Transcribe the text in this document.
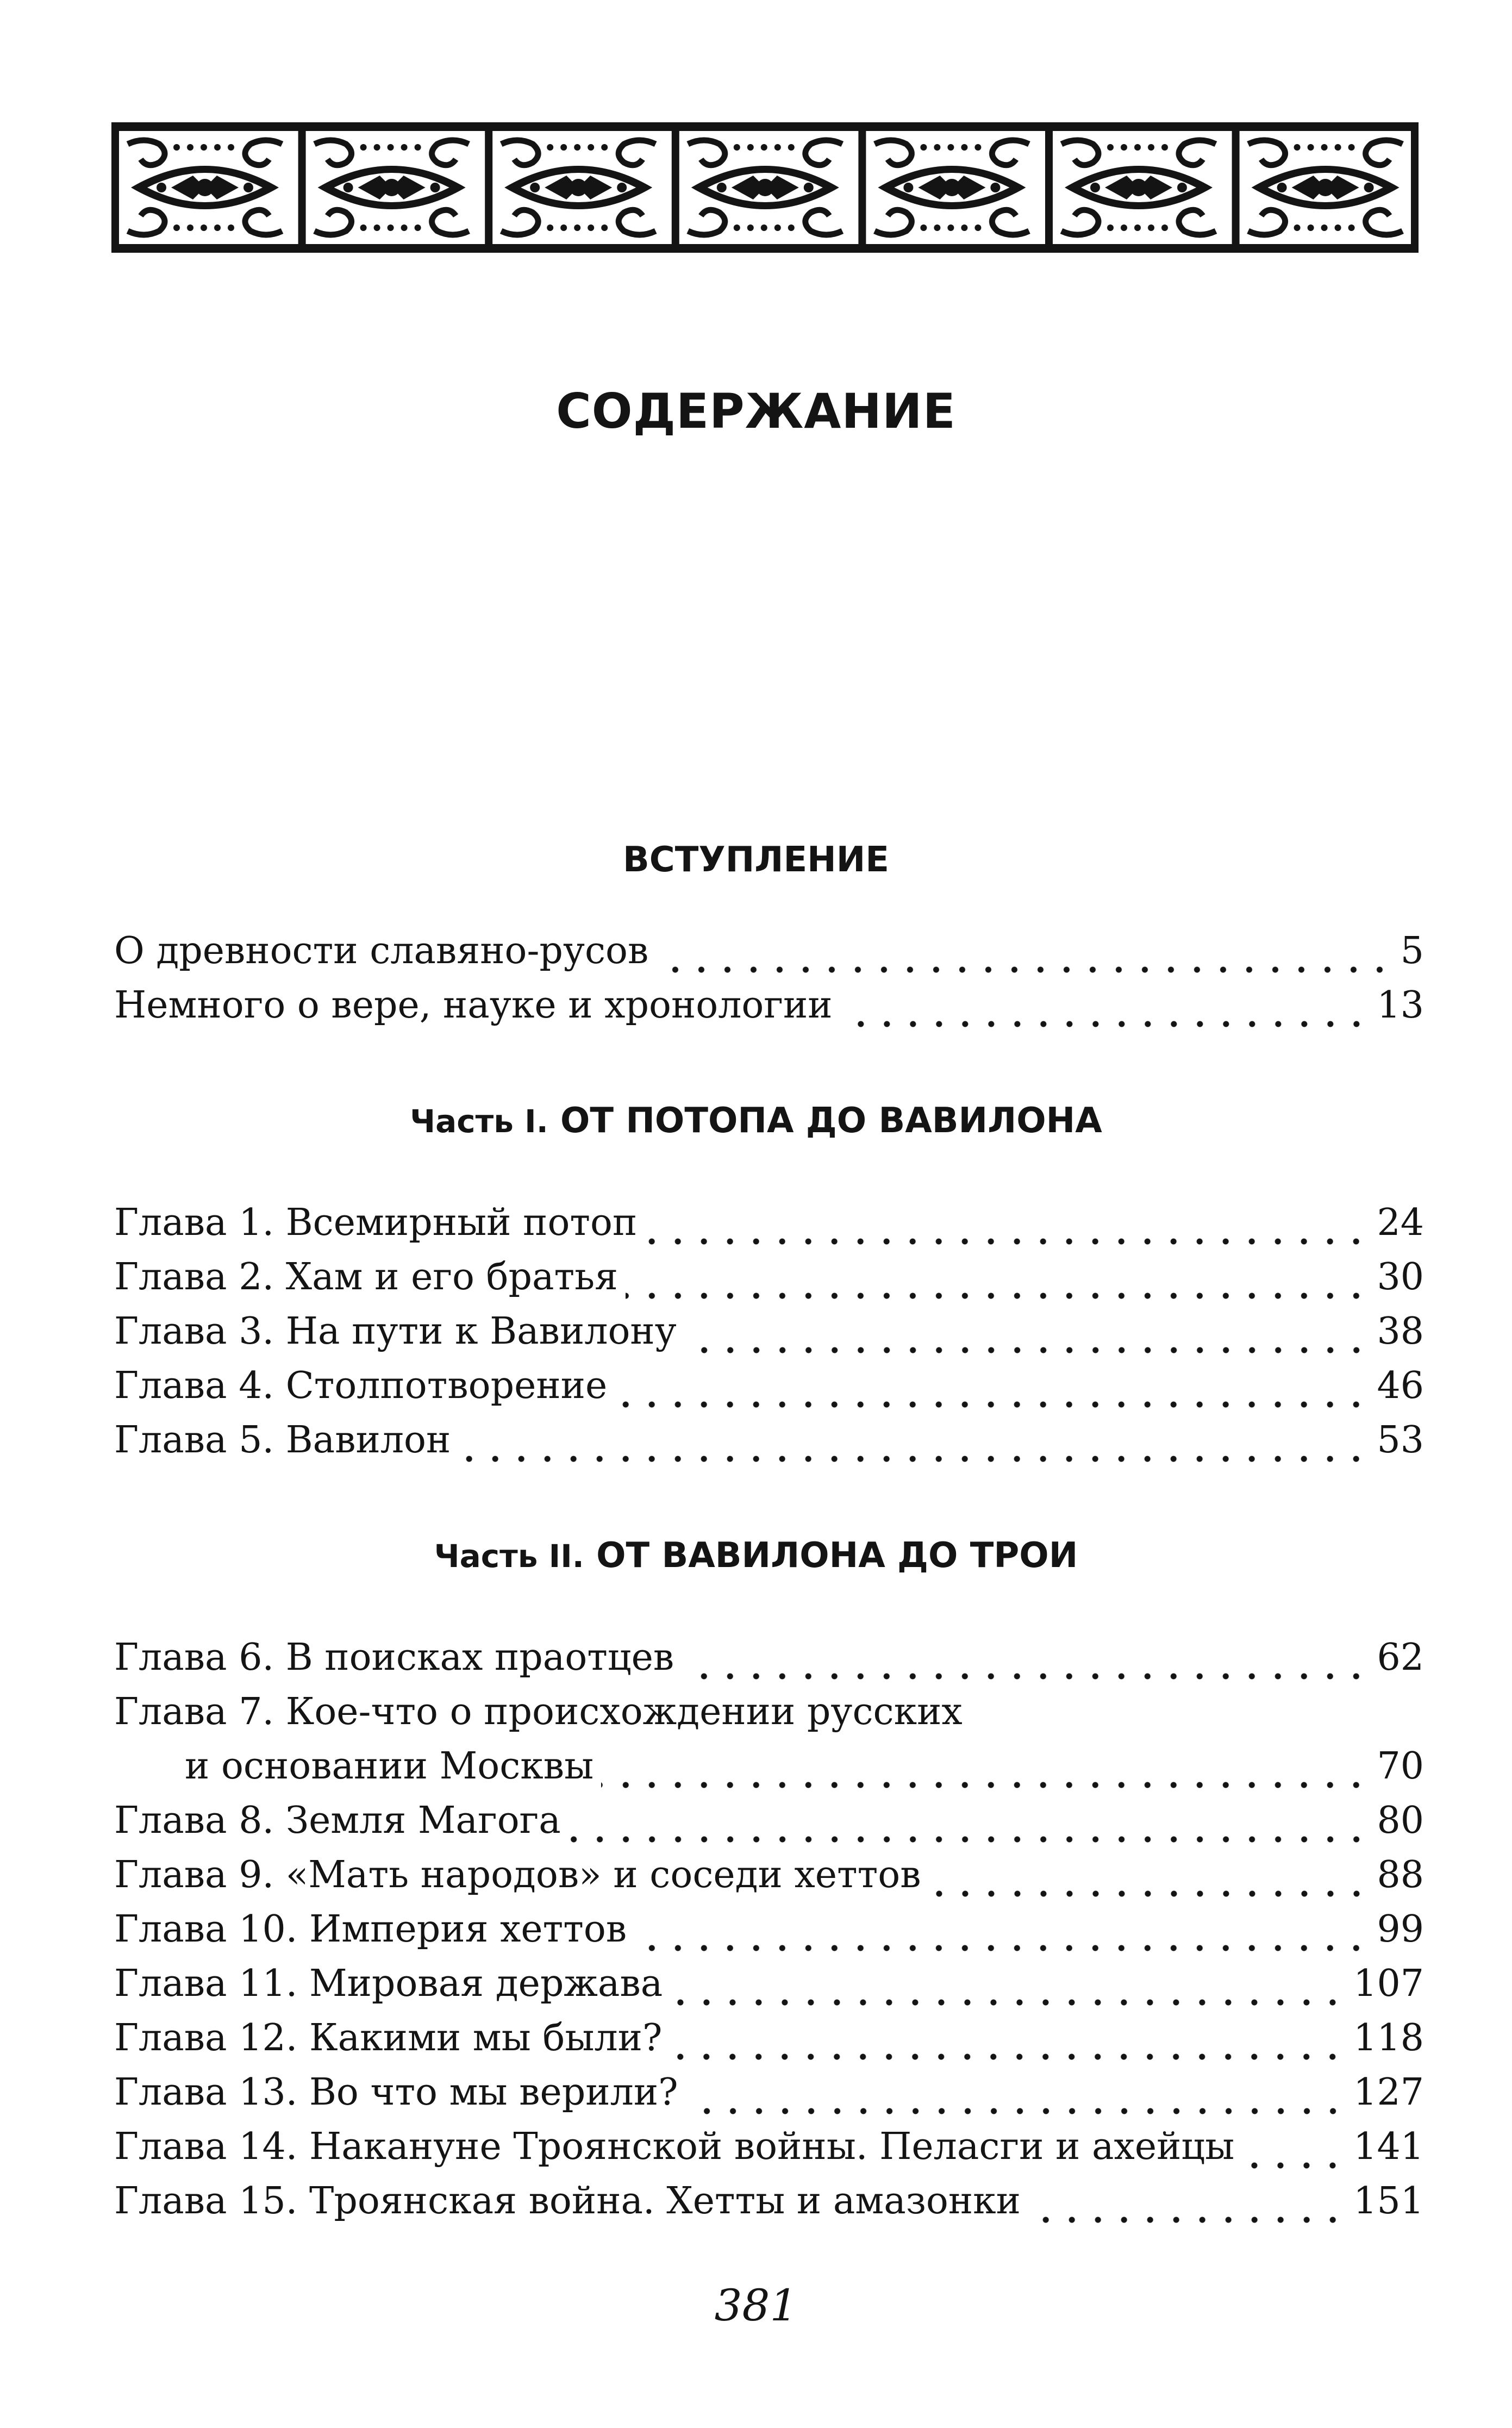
СОДЕРЖАНИЕ
ВСТУПЛЕНИЕ
О древности славяно-русов	5
Немного о вере, науке и хронологии	13
Часть I. ОТ ПОТОПА ДО ВАВИЛОНА
Глава 1. Всемирный потоп	24
Глава 2. Хам и его братья	30
Глава 3. На пути к Вавилону	38
Глава 4. Столпотворение	46
Глава 5. Вавилон	53
Часть II. ОТ ВАВИЛОНА ДО ТРОИ
Глава 6. В поисках праотцев	62
Глава 7. Кое-что о происхождении русских
и основании Москвы	70
Глава 8. Земля Магога	80
Глава 9. «Мать народов» и соседи хеттов	88
Глава 10. Империя хеттов	99
Глава 11. Мировая держава	107
Глава 12. Какими мы были?	118
Глава 13. Во что мы верили?	127
Глава 14. Накануне Троянской войны. Пеласги и ахейцы	141
Глава 15. Троянская война. Хетты и амазонки	151
381
